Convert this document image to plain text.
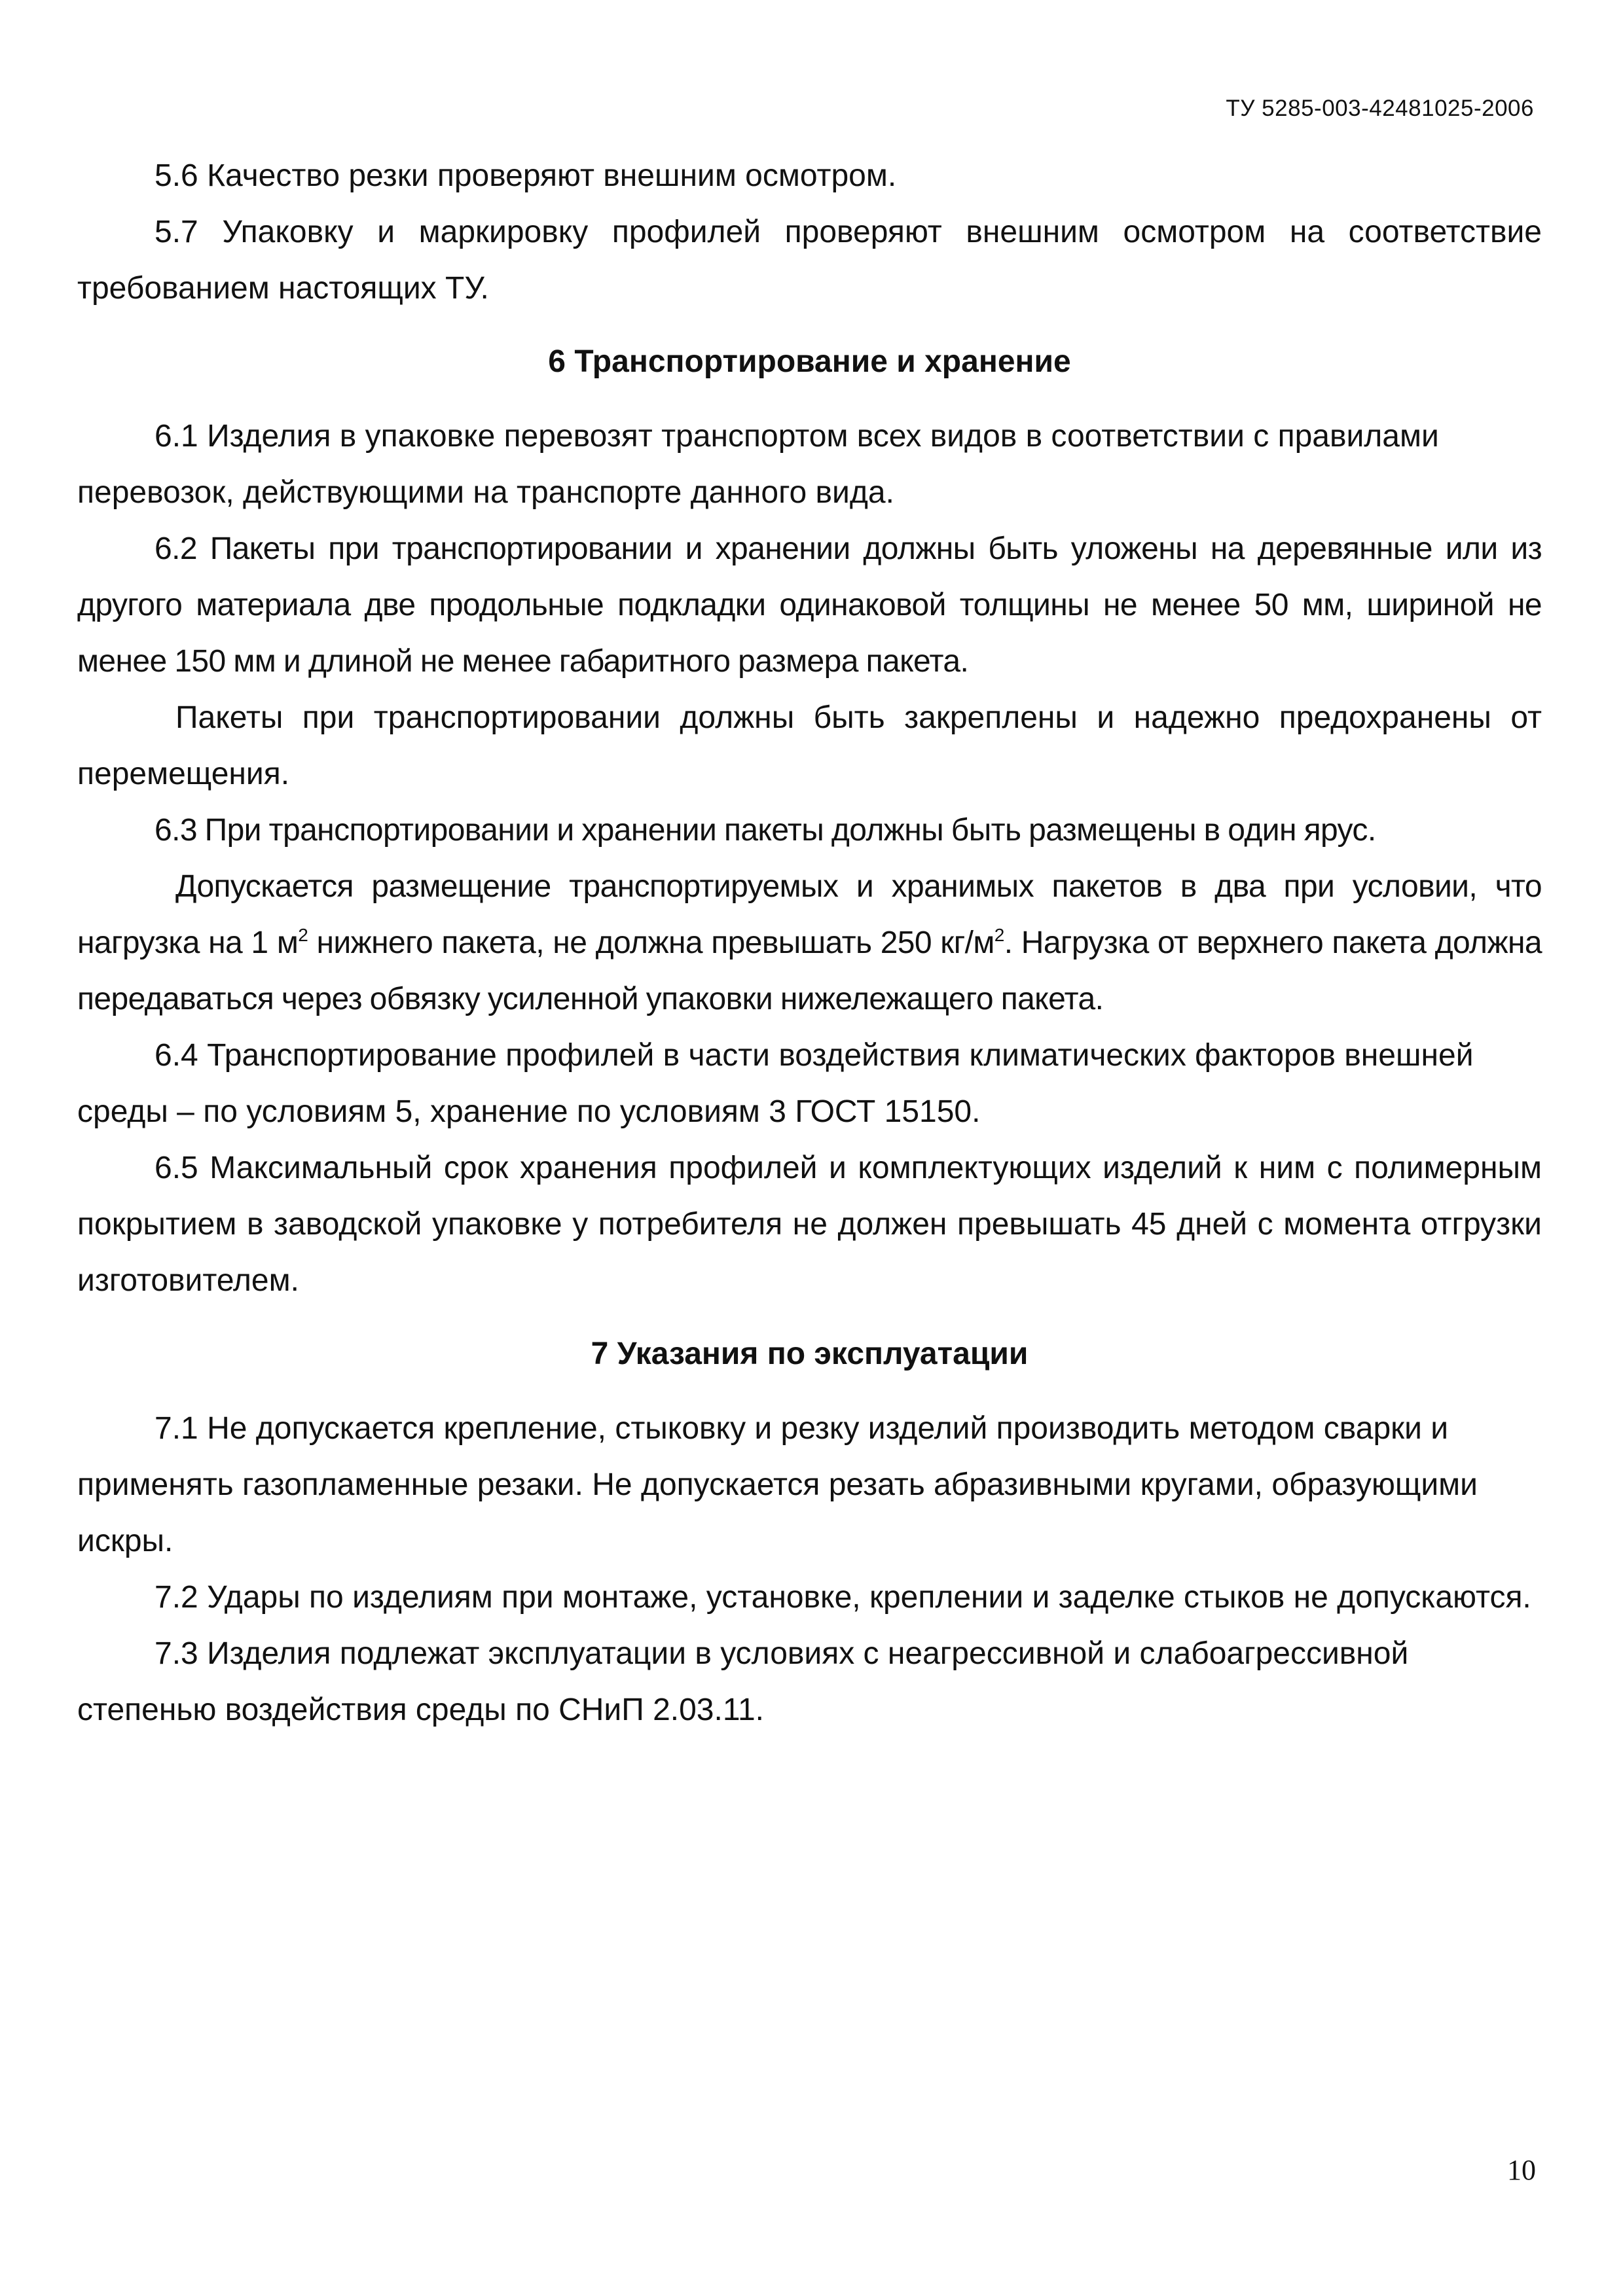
ТУ 5285-003-42481025-2006

5.6 Качество резки проверяют внешним осмотром.

5.7 Упаковку и маркировку профилей проверяют внешним осмотром на соответствие требованием настоящих ТУ.

6 Транспортирование и хранение

6.1 Изделия в упаковке перевозят транспортом всех видов в соответствии с правилами перевозок, действующими на транспорте данного вида.

6.2 Пакеты при транспортировании и хранении должны быть уложены на деревянные или из другого материала две продольные подкладки одинаковой толщины не менее 50 мм, шириной не менее 150 мм и длиной не менее габаритного размера пакета.

Пакеты при транспортировании должны быть закреплены и надежно предохранены от перемещения.

6.3 При транспортировании и хранении пакеты должны быть размещены в один ярус.

Допускается размещение транспортируемых и хранимых пакетов в два при условии, что нагрузка на 1 $м^2$ нижнего пакета, не должна превышать 250 $кг/м^2$. Нагрузка от верхнего пакета должна передаваться через обвязку усиленной упаковки нижележащего пакета.

6.4 Транспортирование профилей в части воздействия климатических факторов внешней среды – по условиям 5, хранение по условиям 3 ГОСТ 15150.

6.5 Максимальный срок хранения профилей и комплектующих изделий к ним с полимерным покрытием в заводской упаковке у потребителя не должен превышать 45 дней с момента отгрузки изготовителем.

7 Указания по эксплуатации

7.1 Не допускается крепление, стыковку и резку изделий производить методом сварки и применять газопламенные резаки. Не допускается резать абразивными кругами, образующими искры.

7.2 Удары по изделиям при монтаже, установке, креплении и заделке стыков не допускаются.

7.3 Изделия подлежат эксплуатации в условиях с неагрессивной и слабоагрессивной степенью воздействия среды по СНиП 2.03.11.

10
